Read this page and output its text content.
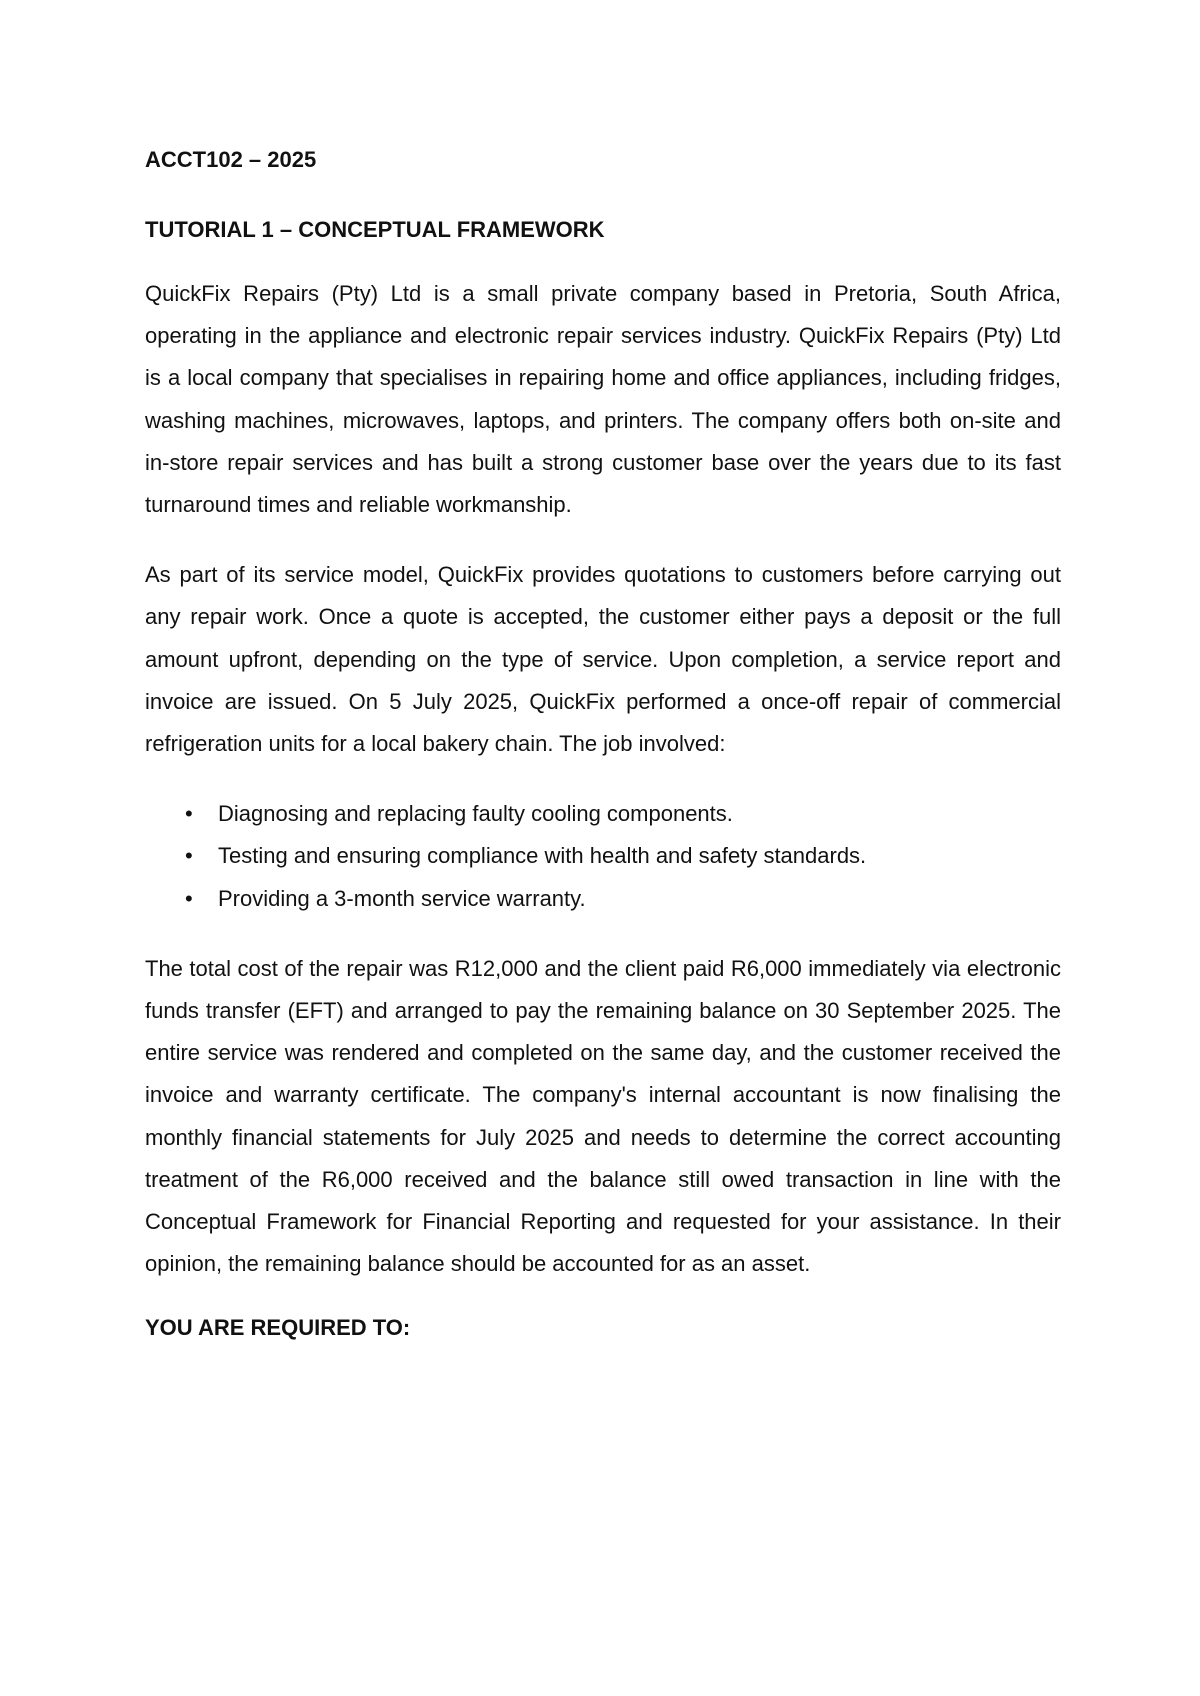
ACCT102 – 2025

TUTORIAL 1 – CONCEPTUAL FRAMEWORK

QuickFix Repairs (Pty) Ltd is a small private company based in Pretoria, South Africa, operating in the appliance and electronic repair services industry. QuickFix Repairs (Pty) Ltd is a local company that specialises in repairing home and office appliances, including fridges, washing machines, microwaves, laptops, and printers. The company offers both on-site and in-store repair services and has built a strong customer base over the years due to its fast turnaround times and reliable workmanship.

As part of its service model, QuickFix provides quotations to customers before carrying out any repair work. Once a quote is accepted, the customer either pays a deposit or the full amount upfront, depending on the type of service. Upon completion, a service report and invoice are issued. On 5 July 2025, QuickFix performed a once-off repair of commercial refrigeration units for a local bakery chain. The job involved:

• Diagnosing and replacing faulty cooling components.
• Testing and ensuring compliance with health and safety standards.
• Providing a 3-month service warranty.

The total cost of the repair was R12,000 and the client paid R6,000 immediately via electronic funds transfer (EFT) and arranged to pay the remaining balance on 30 September 2025. The entire service was rendered and completed on the same day, and the customer received the invoice and warranty certificate. The company's internal accountant is now finalising the monthly financial statements for July 2025 and needs to determine the correct accounting treatment of the R6,000 received and the balance still owed transaction in line with the Conceptual Framework for Financial Reporting and requested for your assistance. In their opinion, the remaining balance should be accounted for as an asset.

YOU ARE REQUIRED TO:
